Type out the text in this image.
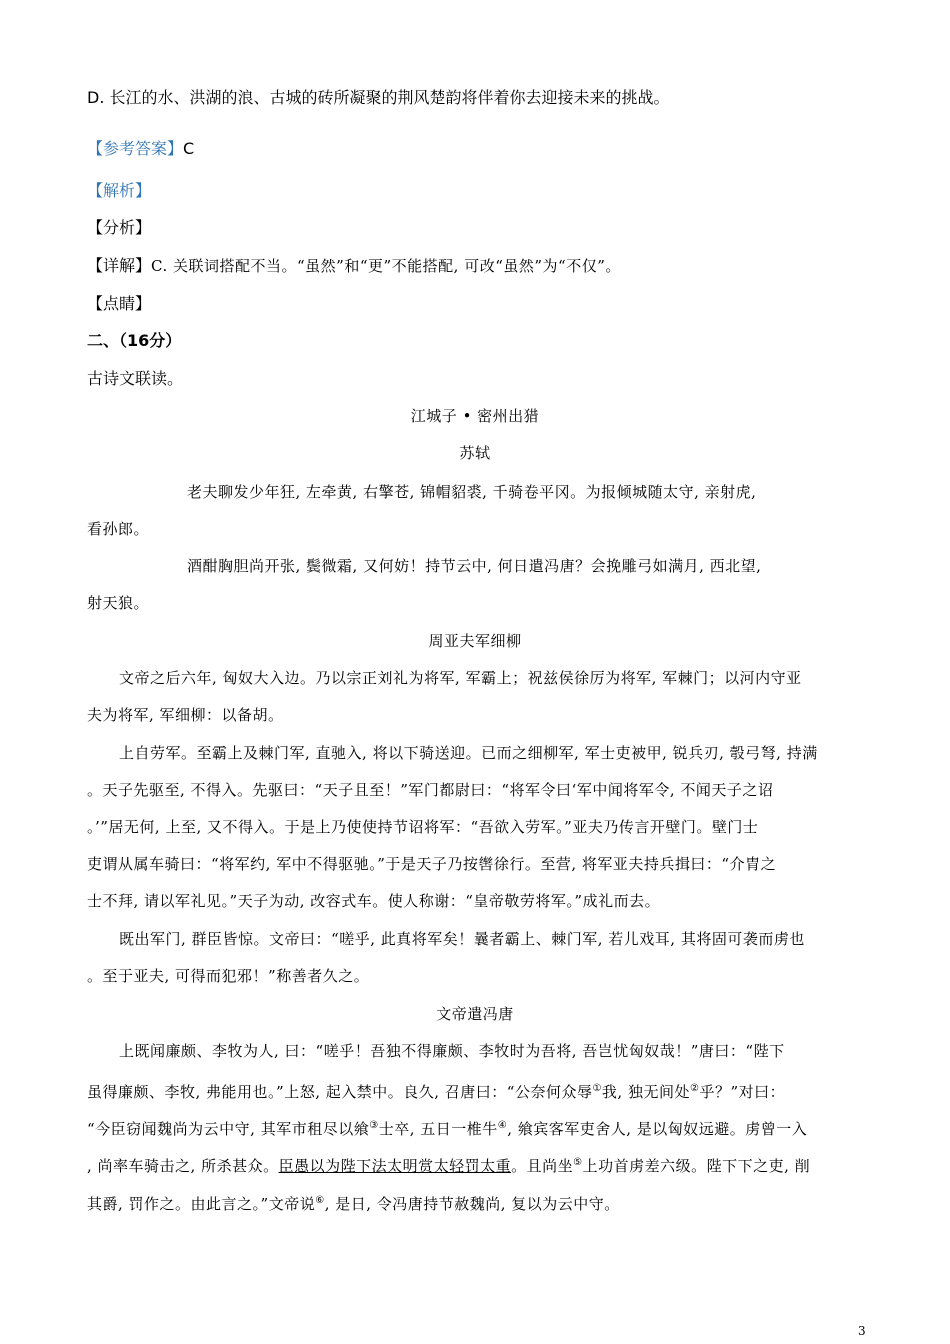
D. 长江的水、洪湖的浪、古城的砖所凝聚的荆风楚韵将伴着你去迎接未来的挑战。
【参考答案】C
【解析】
【分析】
【详解】C. 关联词搭配不当。“虽然”和“更”不能搭配, 可改“虽然”为“不仅”。
【点睛】
二、（16分）
古诗文联读。
江城子 • 密州出猎
苏轼
老夫聊发少年狂, 左牵黄, 右擎苍, 锦帽貂裘, 千骑卷平冈。为报倾城随太守, 亲射虎,
看孙郎。
酒酣胸胆尚开张, 鬓微霜, 又何妨！持节云中, 何日遣冯唐？会挽雕弓如满月, 西北望,
射天狼。
周亚夫军细柳
文帝之后六年, 匈奴大入边。乃以宗正刘礼为将军, 军霸上；祝兹侯徐厉为将军, 军棘门；以河内守亚
夫为将军, 军细柳：以备胡。
上自劳军。至霸上及棘门军, 直驰入, 将以下骑送迎。已而之细柳军, 军士吏被甲, 锐兵刃, 彀弓弩, 持满
。天子先驱至, 不得入。先驱曰：“天子且至！”军门都尉曰：“将军令曰‘军中闻将军令, 不闻天子之诏
。’”居无何, 上至, 又不得入。于是上乃使使持节诏将军：“吾欲入劳军。”亚夫乃传言开壁门。壁门士
吏谓从属车骑曰：“将军约, 军中不得驱驰。”于是天子乃按辔徐行。至营, 将军亚夫持兵揖曰：“介胄之
士不拜, 请以军礼见。”天子为动, 改容式车。使人称谢：“皇帝敬劳将军。”成礼而去。
既出军门, 群臣皆惊。文帝曰：“嗟乎, 此真将军矣！曩者霸上、棘门军, 若儿戏耳, 其将固可袭而虏也
。至于亚夫, 可得而犯邪！”称善者久之。
文帝遣冯唐
上既闻廉颇、李牧为人, 曰：“嗟乎！吾独不得廉颇、李牧时为吾将, 吾岂忧匈奴哉！”唐曰：“陛下
虽得廉颇、李牧, 弗能用也。”上怒, 起入禁中。良久, 召唐曰：“公奈何众辱①我, 独无间处②乎？”对曰：
“今臣窃闻魏尚为云中守, 其军市租尽以飨③士卒, 五日一椎牛④, 飨宾客军吏舍人, 是以匈奴远避。虏曾一入
, 尚率车骑击之, 所杀甚众。臣愚以为陛下法太明赏太轻罚太重。且尚坐⑤上功首虏差六级。陛下下之吏, 削
其爵, 罚作之。由此言之。”文帝说⑥, 是日, 令冯唐持节赦魏尚, 复以为云中守。
3
